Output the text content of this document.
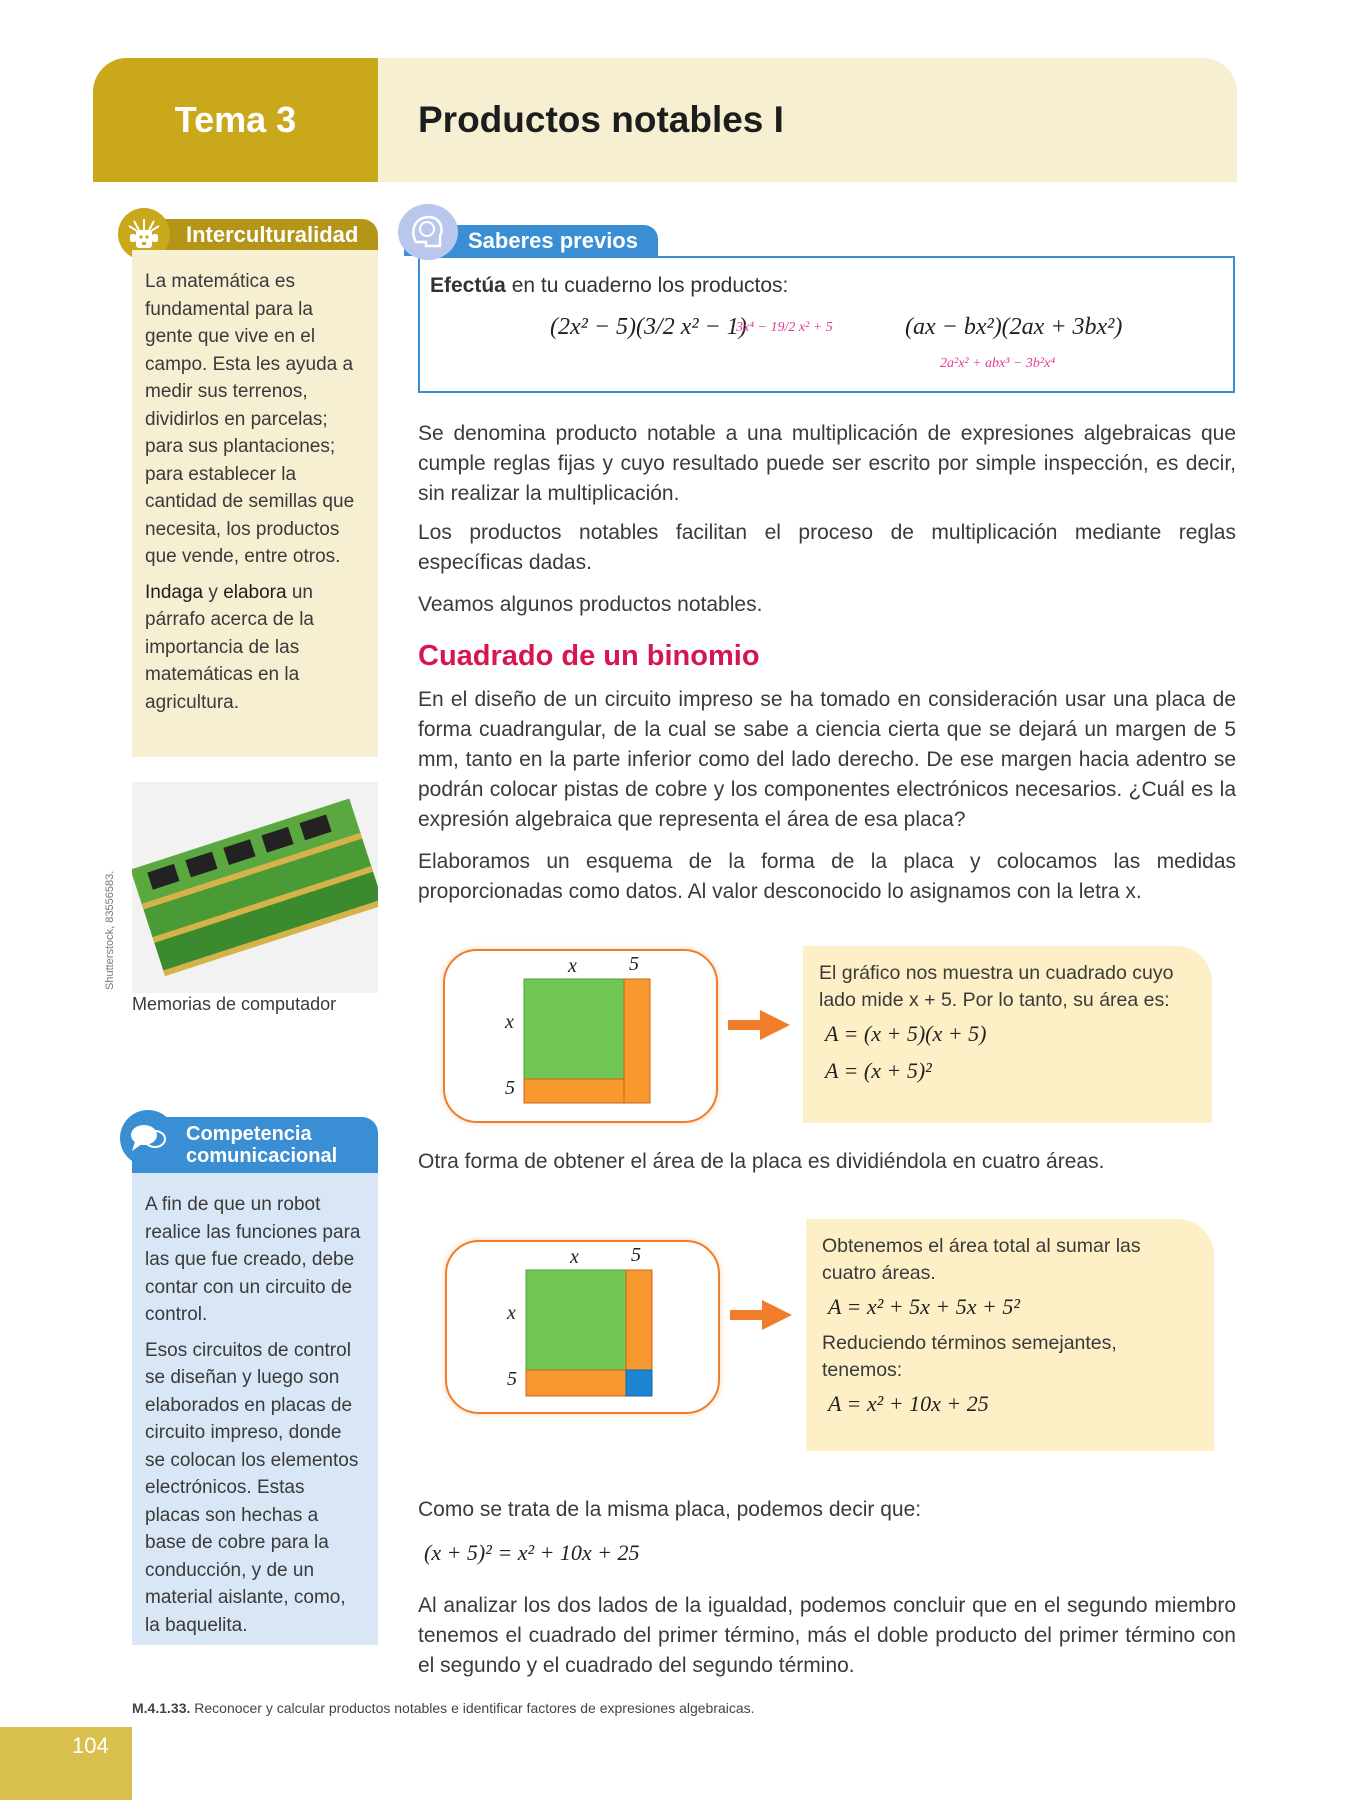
Tema 3	Productos notables I
Interculturalidad

La matemática es fundamental para la gente que vive en el campo. Esta les ayuda a medir sus terrenos, dividirlos en parcelas; para sus plantaciones; para establecer la cantidad de semillas que necesita, los productos que vende, entre otros.

Indaga y elabora un párrafo acerca de la importancia de las matemáticas en la agricultura.

Shutterstock, 83556583.
Memorias de computador
Competencia
comunicacional

A fin de que un robot realice las funciones para las que fue creado, debe contar con un circuito de control.

Esos circuitos de control se diseñan y luego son elaborados en placas de circuito impreso, donde se colocan los elementos electrónicos. Estas placas son hechas a base de cobre para la conducción, y de un material aislante, como, la baquelita.

Efectúa en tu cuaderno los productos:
(2x² − 5)(3/2 x² − 1)
3x⁴ − 19/2 x² + 5	(ax − bx²)(2ax + 3bx²)
2a²x² + abx³ − 3b²x⁴
Saberes previos

Se denomina producto notable a una multiplicación de expresiones algebraicas que cumple reglas fijas y cuyo resultado puede ser escrito por simple inspección, es decir, sin realizar la multiplicación.

Los productos notables facilitan el proceso de multiplicación mediante reglas específicas dadas.

Veamos algunos productos notables.

Cuadrado de un binomio

En el diseño de un circuito impreso se ha tomado en consideración usar una placa de forma cuadrangular, de la cual se sabe a ciencia cierta que se dejará un margen de 5 mm, tanto en la parte inferior como del lado derecho. De ese margen hacia adentro se podrán colocar pistas de cobre y los componentes electrónicos necesarios. ¿Cuál es la expresión algebraica que representa el área de esa placa?

Elaboramos un esquema de la forma de la placa y colocamos las medidas proporcionadas como datos. Al valor desconocido lo asignamos con la letra x.

x	5
x
5
El gráfico nos muestra un cuadrado cuyo lado mide x + 5. Por lo tanto, su área es:
A = (x + 5)(x + 5)
A = (x + 5)²

Otra forma de obtener el área de la placa es dividiéndola en cuatro áreas.

x	5
x
5
Obtenemos el área total al sumar las cuatro áreas.
A = x² + 5x + 5x + 5²
Reduciendo términos semejantes, tenemos:
A = x² + 10x + 25

Como se trata de la misma placa, podemos decir que:

(x + 5)² = x² + 10x + 25

Al analizar los dos lados de la igualdad, podemos concluir que en el segundo miembro tenemos el cuadrado del primer término, más el doble producto del primer término con el segundo y el cuadrado del segundo término.

M.4.1.33. Reconocer y calcular productos notables e identificar factores de expresiones algebraicas.
104
